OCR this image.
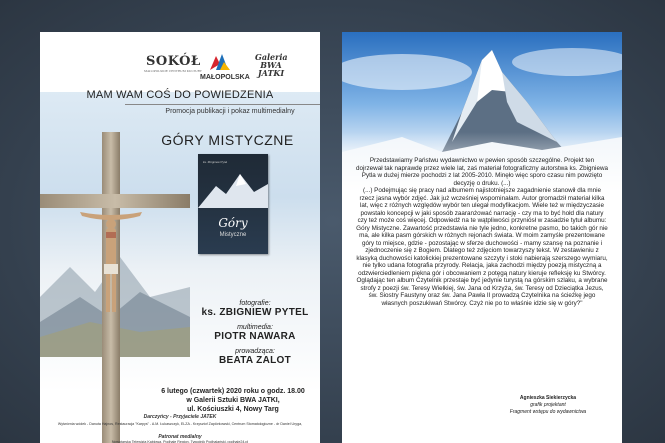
SOKÓŁ
MAŁOPOLSKIE CENTRUM KULTURY
MAŁOPOLSKA
Galeria BWA JATKI
MAM WAM COŚ DO POWIEDZENIA
Promocja publikacji i pokaz multimedialny
GÓRY MISTYCZNE
ks. Zbigniew Pytel
Góry
Mistyczne
fotografie:
ks. ZBIGNIEW PYTEL
multimedia:
PIOTR NAWARA
prowadząca:
BEATA ZALOT
6 lutego (czwartek) 2020 roku o godz. 18.00
w Galerii Sztuki BWA JATKI,
ul. Kościuszki 4, Nowy Targ
Darczyńcy - Przyjaciele JATEK
Wytwórnia wódek - Danuta Hajnos, Restauracja "Karpys" - A.M. Łukaszczyk, ELZA - Krzysztof Zapiórkowski, Centrum Stomatologiczne - dr Daniel Uryga,
Patronat medialny
Nowotarska Telewizja Kablowa, Podhale Region, Tygodnik Podhalański, podhale24.pl

Przedstawiamy Państwu wydawnictwo w pewien sposób szczególne. Projekt ten dojrzewał tak naprawdę przez wiele lat, zaś materiał fotograficzny autorstwa ks. Zbigniewa Pytla w dużej mierze pochodzi z lat 2005-2010. Minęło więc sporo czasu nim powzięto decyzję o druku. (...)

(...) Podejmując się pracy nad albumem najistotniejsze zagadnienie stanowił dla mnie rzecz jasna wybór zdjęć. Jak już wcześniej wspominałam. Autor gromadził materiał kilka lat, więc z różnych względów wybór ten ulegał modyfikacjom. Wiele też w międzyczasie powstało koncepcji w jaki sposób zaaranżować narrację - czy ma to być hołd dla natury czy też może coś więcej. Odpowiedź na te wątpliwości przyniósł w zasadzie tytuł albumu: Góry Mistyczne. Zawartość przedstawia nie tyle jedno, konkretne pasmo, bo takich gór nie ma, ale kilka pasm górskich w różnych rejonach świata. W moim zamyśle prezentowane góry to miejsce, gdzie - pozostając w sferze duchowości - mamy szansę na poznanie i zjednoczenie się z Bogiem. Dlatego też zdjęciom towarzyszy tekst. W zestawieniu z klasyką duchowości katolickiej prezentowane szczyty i stoki nabierają szerszego wymiaru, nie tylko udana fotografia przyrody. Relacja, jaka zachodzi między poezją mistyczną a odzwierciedleniem piękna gór i obcowaniem z potęgą natury kieruje refleksję ku Stwórcy. Oglądając ten album Czytelnik przestaje być jedynie turystą na górskim szlaku, a wybrane strofy z poezji św. Teresy Wielkiej, św. Jana od Krzyża, św. Teresy od Dzieciątka Jezus, św. Siostry Faustyny oraz św. Jana Pawła II prowadzą Czytelnika na ścieżkę jego własnych poszukiwań Stwórcy. Czyż nie po to właśnie idzie się w góry?"

Agnieszka Siekierzycka
grafik projektant
Fragment wstępu do wydawnictwa
